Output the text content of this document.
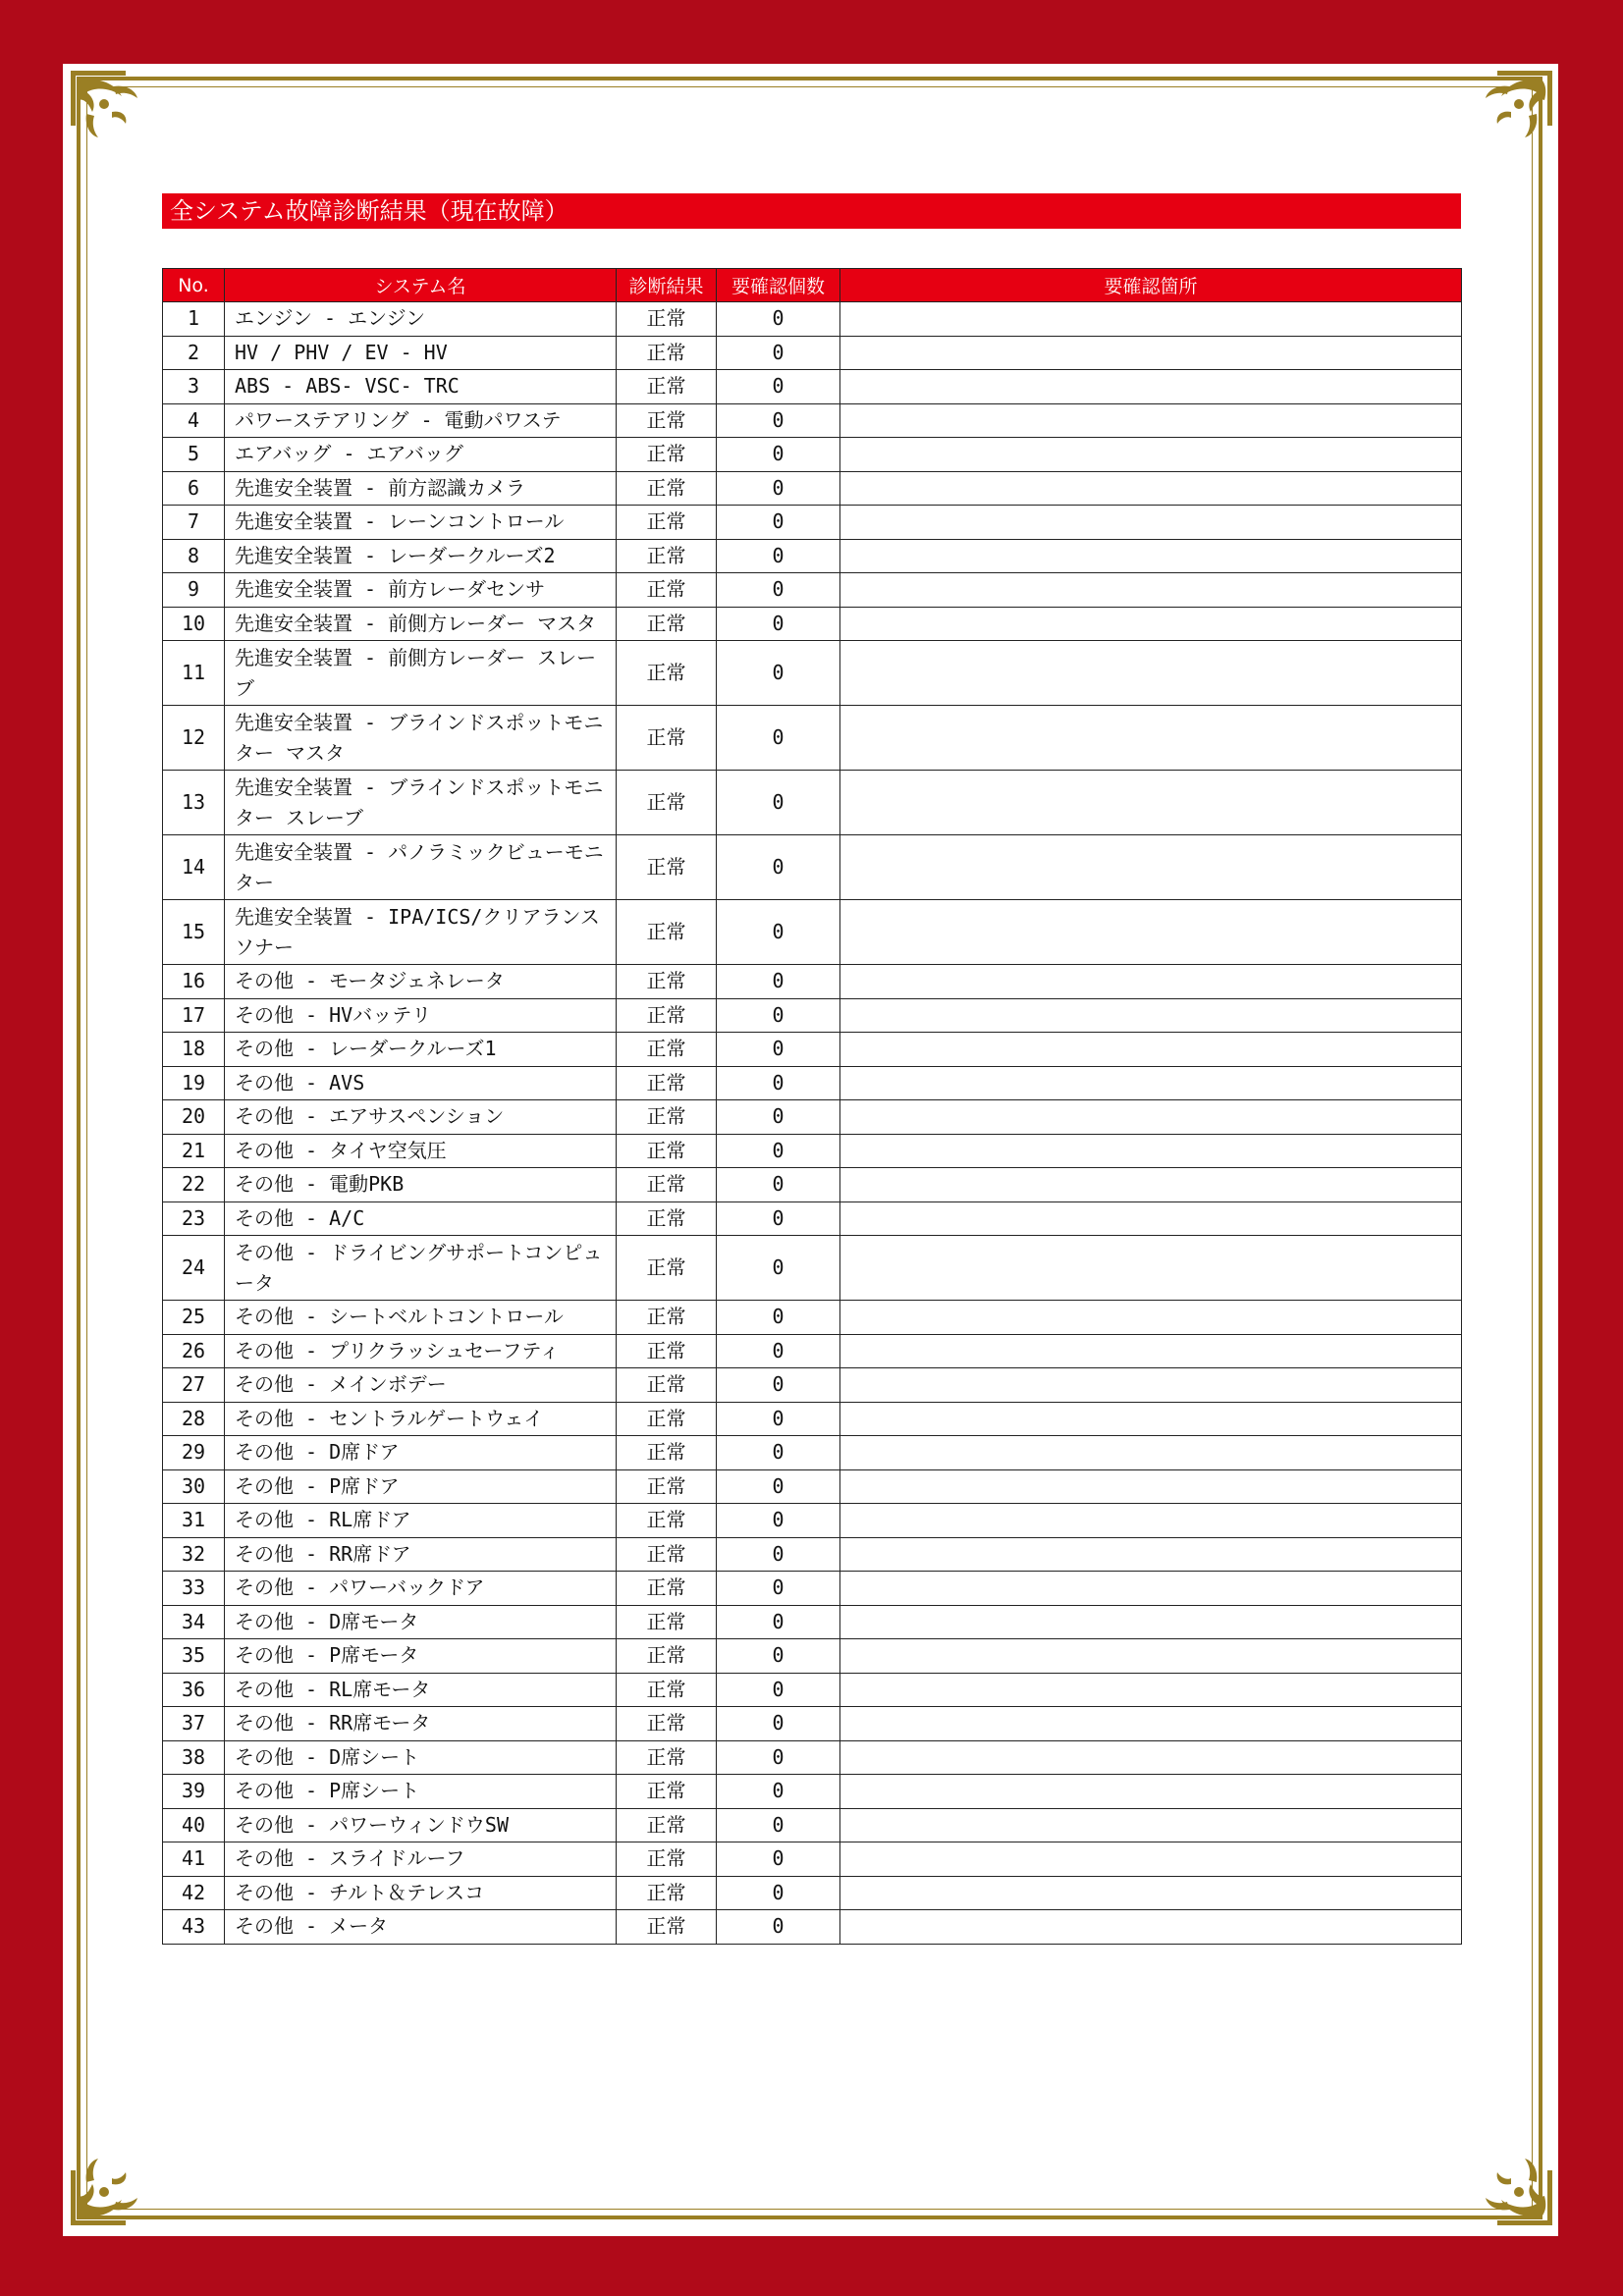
全システム故障診断結果（現在故障）
No.	システム名	診断結果	要確認個数	要確認箇所
1	エンジン - エンジン	正常	0	
2	HV / PHV / EV - HV	正常	0	
3	ABS - ABS- VSC- TRC	正常	0	
4	パワーステアリング - 電動パワステ	正常	0	
5	エアバッグ - エアバッグ	正常	0	
6	先進安全装置 - 前方認識カメラ	正常	0	
7	先進安全装置 - レーンコントロール	正常	0	
8	先進安全装置 - レーダークルーズ2	正常	0	
9	先進安全装置 - 前方レーダセンサ	正常	0	
10	先進安全装置 - 前側方レーダー マスタ	正常	0	
11	先進安全装置 - 前側方レーダー スレーブ	正常	0	
12	先進安全装置 - ブラインドスポットモニター マスタ	正常	0	
13	先進安全装置 - ブラインドスポットモニター スレーブ	正常	0	
14	先進安全装置 - パノラミックビューモニター	正常	0	
15	先進安全装置 - IPA/ICS/クリアランスソナー	正常	0	
16	その他 - モータジェネレータ	正常	0	
17	その他 - HVバッテリ	正常	0	
18	その他 - レーダークルーズ1	正常	0	
19	その他 - AVS	正常	0	
20	その他 - エアサスペンション	正常	0	
21	その他 - タイヤ空気圧	正常	0	
22	その他 - 電動PKB	正常	0	
23	その他 - A/C	正常	0	
24	その他 - ドライビングサポートコンピュータ	正常	0	
25	その他 - シートベルトコントロール	正常	0	
26	その他 - プリクラッシュセーフティ	正常	0	
27	その他 - メインボデー	正常	0	
28	その他 - セントラルゲートウェイ	正常	0	
29	その他 - D席ドア	正常	0	
30	その他 - P席ドア	正常	0	
31	その他 - RL席ドア	正常	0	
32	その他 - RR席ドア	正常	0	
33	その他 - パワーバックドア	正常	0	
34	その他 - D席モータ	正常	0	
35	その他 - P席モータ	正常	0	
36	その他 - RL席モータ	正常	0	
37	その他 - RR席モータ	正常	0	
38	その他 - D席シート	正常	0	
39	その他 - P席シート	正常	0	
40	その他 - パワーウィンドウSW	正常	0	
41	その他 - スライドルーフ	正常	0	
42	その他 - チルト＆テレスコ	正常	0	
43	その他 - メータ	正常	0	
